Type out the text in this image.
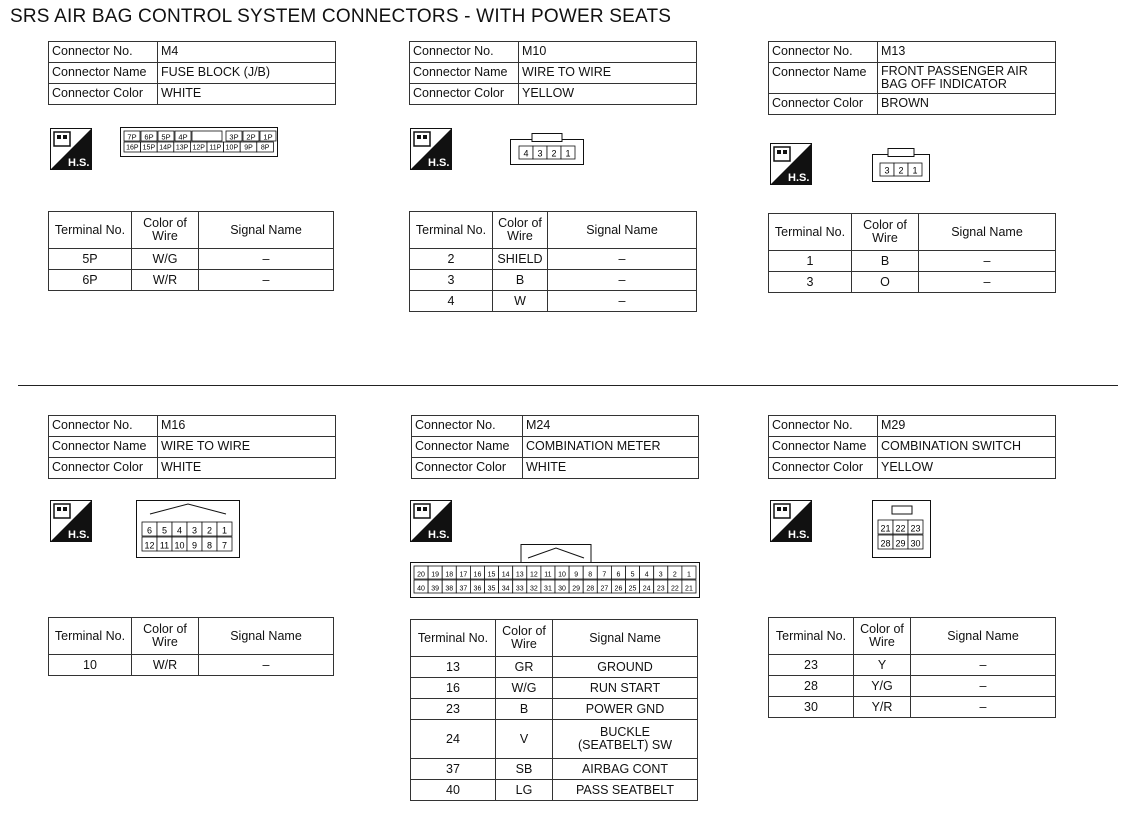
SRS AIR BAG CONTROL SYSTEM CONNECTORS - WITH POWER SEATS
Connector No.	M4
Connector Name	FUSE BLOCK (J/B)
Connector Color	WHITE
H.S.
7P 6P 5P 4P	3P 2P 1P
16P 15P 14P 13P 12P 11P 10P 9P 8P
Terminal No.	Color of Wire	Signal Name
5P	W/G	–
6P	W/R	–
Connector No.	M10
Connector Name	WIRE TO WIRE
Connector Color	YELLOW
H.S.
4 3 2 1
Terminal No.	Color of Wire	Signal Name
2	SHIELD	–
3	B	–
4	W	–
Connector No.	M13
Connector Name	FRONT PASSENGER AIR BAG OFF INDICATOR
Connector Color	BROWN
H.S.
3 2 1
Terminal No.	Color of Wire	Signal Name
1	B	–
3	O	–
Connector No.	M16
Connector Name	WIRE TO WIRE
Connector Color	WHITE
H.S.	6 5 4 3 2 1
12 11 10 9 8 7
Terminal No.	Color of Wire	Signal Name
10	W/R	–
Connector No.	M24
Connector Name	COMBINATION METER
Connector Color	WHITE
H.S.
20 19 18 17 16 15 14 13 12 11 10 9 8 7 6 5 4 3 2 1
40 39 38 37 36 35 34 33 32 31 30 29 28 27 26 25 24 23 22 21
Terminal No.	Color of Wire	Signal Name
13	GR	GROUND
16	W/G	RUN START
23	B	POWER GND
24	V	BUCKLE (SEATBELT) SW
37	SB	AIRBAG CONT
40	LG	PASS SEATBELT
Connector No.	M29
Connector Name	COMBINATION SWITCH
Connector Color	YELLOW
H.S.
21 22 23
28 29 30
Terminal No.	Color of Wire	Signal Name
23	Y	–
28	Y/G	–
30	Y/R	–
